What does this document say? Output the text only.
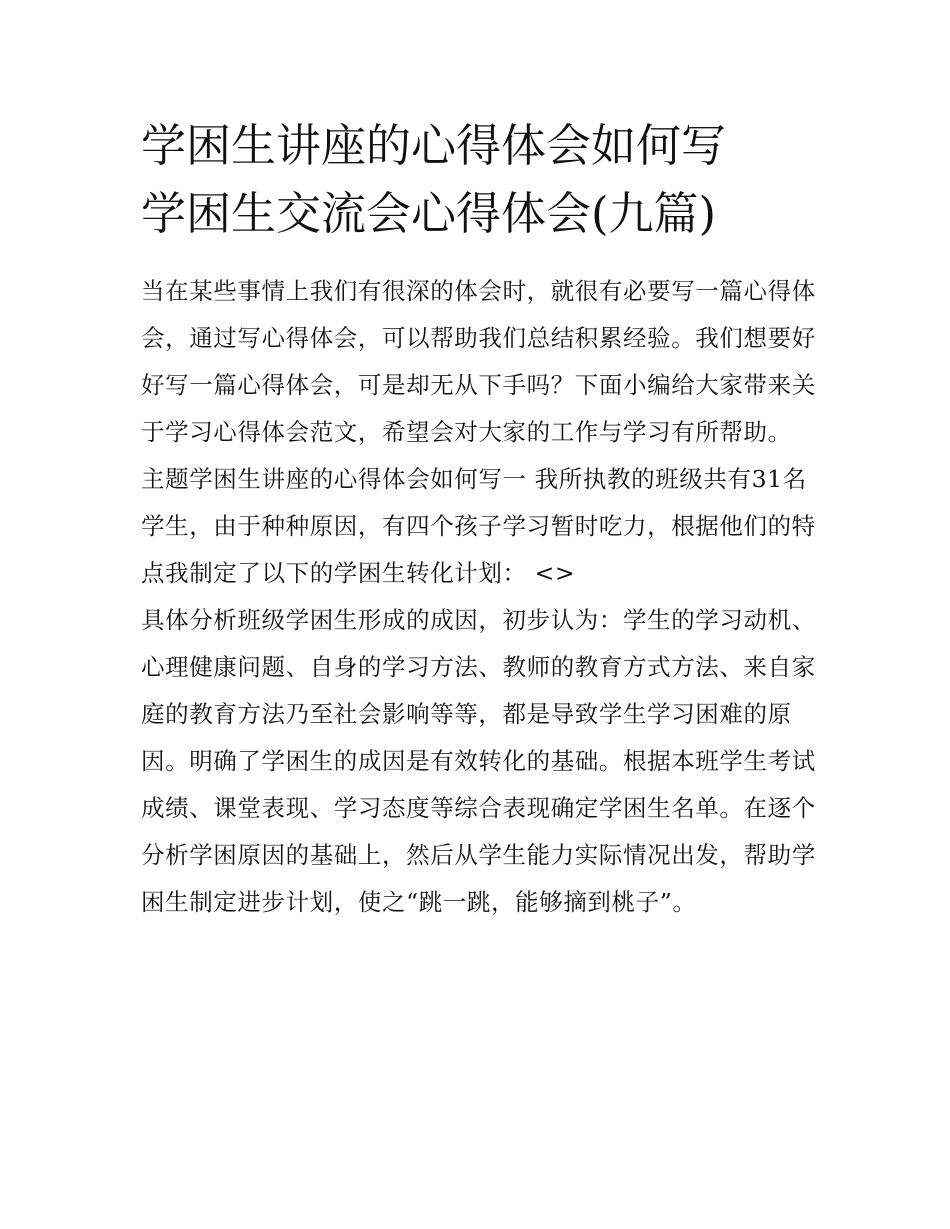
学困生讲座的心得体会如何写
学困生交流会心得体会(九篇)

当在某些事情上我们有很深的体会时，就很有必要写一篇心得体会，通过写心得体会，可以帮助我们总结积累经验。我们想要好好写一篇心得体会，可是却无从下手吗？下面小编给大家带来关于学习心得体会范文，希望会对大家的工作与学习有所帮助。

主题学困生讲座的心得体会如何写一 我所执教的班级共有31名学生，由于种种原因，有四个孩子学习暂时吃力，根据他们的特点我制定了以下的学困生转化计划： <>

具体分析班级学困生形成的成因，初步认为：学生的学习动机、心理健康问题、自身的学习方法、教师的教育方式方法、来自家庭的教育方法乃至社会影响等等，都是导致学生学习困难的原因。明确了学困生的成因是有效转化的基础。根据本班学生考试成绩、课堂表现、学习态度等综合表现确定学困生名单。在逐个分析学困原因的基础上，然后从学生能力实际情况出发，帮助学困生制定进步计划，使之“跳一跳，能够摘到桃子”。
